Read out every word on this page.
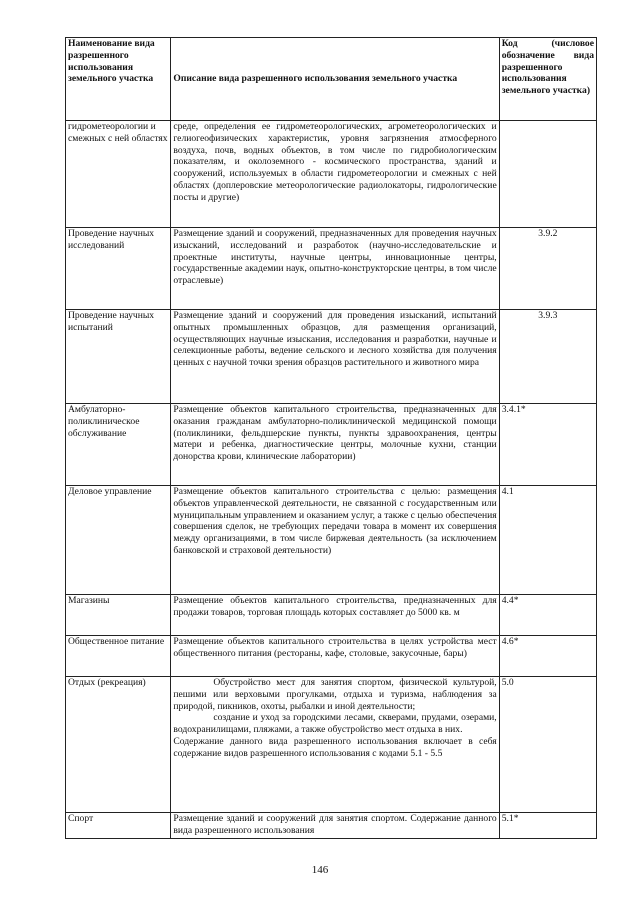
Наименование вида разрешенного использования земельного участка	Описание вида разрешенного использования земельного участка	Код (числовое
обозначение вида разрешенного использования земельного участка)

гидрометеорологии и смежных с ней областях	среде, определения ее гидрометеорологических, агрометеорологических и гелиогеофизических характеристик, уровня загрязнения атмосферного воздуха, почв, водных объектов, в том числе по гидробиологическим показателям, и околоземного - космического пространства, зданий и сооружений, используемых в области гидрометеорологии и смежных с ней областях (доплеровские метеорологические радиолокаторы, гидрологические посты и другие)	

Проведение научных исследований	Размещение зданий и сооружений, предназначенных для проведения научных изысканий, исследований и разработок (научно-исследовательские и проектные институты, научные центры, инновационные центры, государственные академии наук, опытно-конструкторские центры, в том числе отраслевые)	3.9.2
Проведение научных испытаний	Размещение зданий и сооружений для проведения изысканий, испытаний опытных промышленных образцов, для размещения организаций, осуществляющих научные изыскания, исследования и разработки, научные и селекционные работы, ведение сельского и лесного хозяйства для получения ценных с научной точки зрения образцов растительного и животного мира	3.9.3
Амбулаторно-поликлиническое обслуживание	Размещение объектов капитального строительства, предназначенных для оказания гражданам амбулаторно-поликлинической медицинской помощи (поликлиники, фельдшерские пункты, пункты здравоохранения, центры матери и ребенка, диагностические центры, молочные кухни, станции донорства крови, клинические лаборатории)	3.4.1*
Деловое управление	Размещение объектов капитального строительства с целью: размещения объектов управленческой деятельности, не связанной с государственным или муниципальным управлением и оказанием услуг, а также с целью обеспечения совершения сделок, не требующих передачи товара в момент их совершения между организациями, в том числе биржевая деятельность (за исключением банковской и страховой деятельности)	4.1
Магазины	Размещение объектов капитального строительства, предназначенных для продажи товаров, торговая площадь которых составляет до 5000 кв. м	4.4*
Общественное питание	Размещение объектов капитального строительства в целях устройства мест общественного питания (рестораны, кафе, столовые, закусочные, бары)	4.6*
Отдых (рекреация)	Обустройство мест для занятия спортом, физической культурой, пешими или верховыми прогулками, отдыха и туризма, наблюдения за природой, пикников, охоты, рыбалки и иной деятельности;

создание и уход за городскими лесами, скверами, прудами, озерами, водохранилищами, пляжами, а также обустройство мест отдыха в них.

Содержание данного вида разрешенного использования включает в себя содержание видов разрешенного использования с кодами 5.1 - 5.5	5.0
Спорт	Размещение зданий и сооружений для занятия спортом. Содержание данного вида разрешенного использования	5.1*
146
